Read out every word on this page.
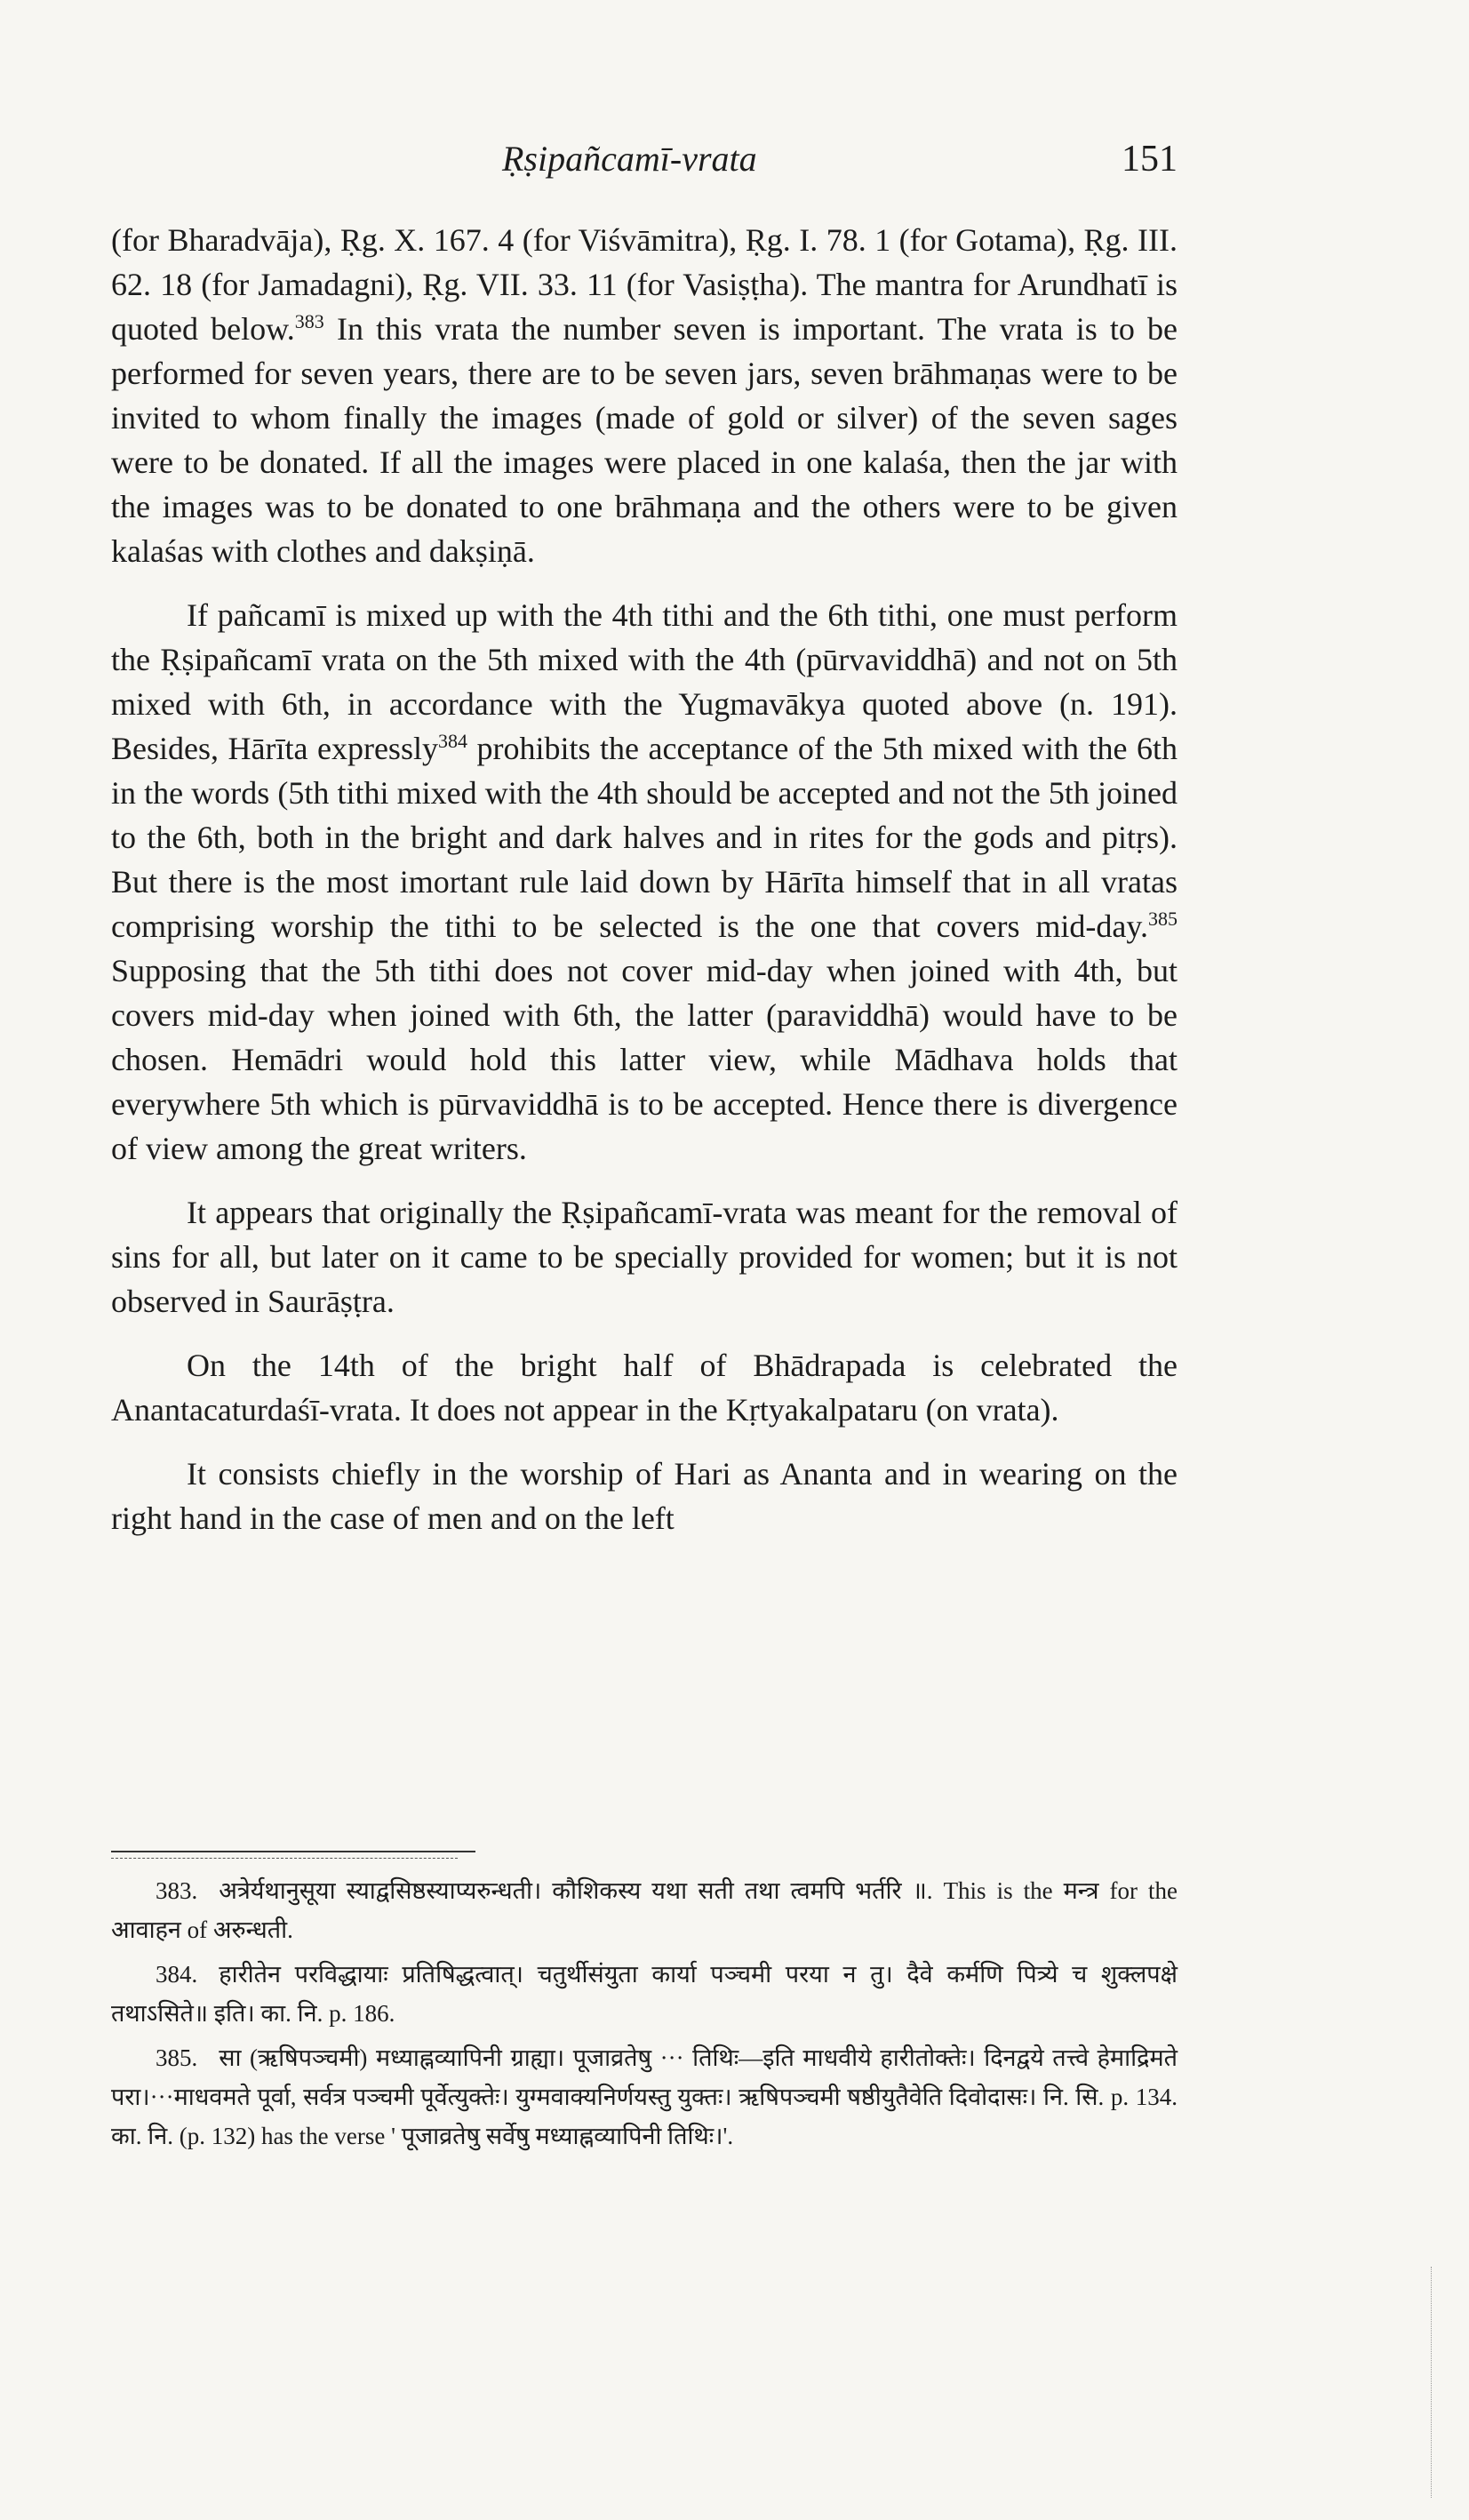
Ṛṣipañcamī-vrata	151

(for Bharadvāja), Ṛg. X. 167. 4 (for Viśvāmitra), Ṛg. I. 78. 1 (for Gotama), Ṛg. III. 62. 18 (for Jamadagni), Ṛg. VII. 33. 11 (for Vasiṣṭha). The mantra for Arundhatī is quoted below.$^{383}$ In this vrata the number seven is important. The vrata is to be performed for seven years, there are to be seven jars, seven brāhmaṇas were to be invited to whom finally the images (made of gold or silver) of the seven sages were to be donated. If all the images were placed in one kalaśa, then the jar with the images was to be donated to one brāhmaṇa and the others were to be given kalaśas with clothes and dakṣiṇā.

If pañcamī is mixed up with the 4th tithi and the 6th tithi, one must perform the Ṛṣipañcamī vrata on the 5th mixed with the 4th (pūrvaviddhā) and not on 5th mixed with 6th, in accordance with the Yugmavākya quoted above (n. 191). Besides, Hārīta expressly$^{384}$ prohibits the acceptance of the 5th mixed with the 6th in the words (5th tithi mixed with the 4th should be accepted and not the 5th joined to the 6th, both in the bright and dark halves and in rites for the gods and pitṛs). But there is the most imortant rule laid down by Hārīta himself that in all vratas comprising worship the tithi to be selected is the one that covers mid-day.$^{385}$ Supposing that the 5th tithi does not cover mid-day when joined with 4th, but covers mid-day when joined with 6th, the latter (paraviddhā) would have to be chosen. Hemādri would hold this latter view, while Mādhava holds that everywhere 5th which is pūrvaviddhā is to be accepted. Hence there is divergence of view among the great writers.

It appears that originally the Ṛṣipañcamī-vrata was meant for the removal of sins for all, but later on it came to be specially provided for women; but it is not observed in Saurāṣṭra.

On the 14th of the bright half of Bhādrapada is celebrated the Anantacaturdaśī-vrata. It does not appear in the Kṛtyakalpataru (on vrata).

It consists chiefly in the worship of Hari as Ananta and in wearing on the right hand in the case of men and on the left

383. अत्रेर्यथानुसूया स्याद्वसिष्ठस्याप्यरुन्धती। कौशिकस्य यथा सती तथा त्वमपि भर्तरि ॥. This is the मन्त्र for the आवाहन of अरुन्धती.

384. हारीतेन परविद्धायाः प्रतिषिद्धत्वात्। चतुर्थीसंयुता कार्या पञ्चमी परया न तु। दैवे कर्मणि पित्र्ये च शुक्लपक्षे तथाऽसिते॥ इति। का. नि. p. 186.

385. सा (ऋषिपञ्चमी) मध्याह्नव्यापिनी ग्राह्या। पूजाव्रतेषु ··· तिथिः—इति माधवीये हारीतोक्तेः। दिनद्वये तत्त्वे हेमाद्रिमते परा।···माधवमते पूर्वा, सर्वत्र पञ्चमी पूर्वेत्युक्तेः। युग्मवाक्यनिर्णयस्तु युक्तः। ऋषिपञ्चमी षष्ठीयुतैवेति दिवोदासः। नि. सि. p. 134. का. नि. (p. 132) has the verse ' पूजाव्रतेषु सर्वेषु मध्याह्नव्यापिनी तिथिः।'.
